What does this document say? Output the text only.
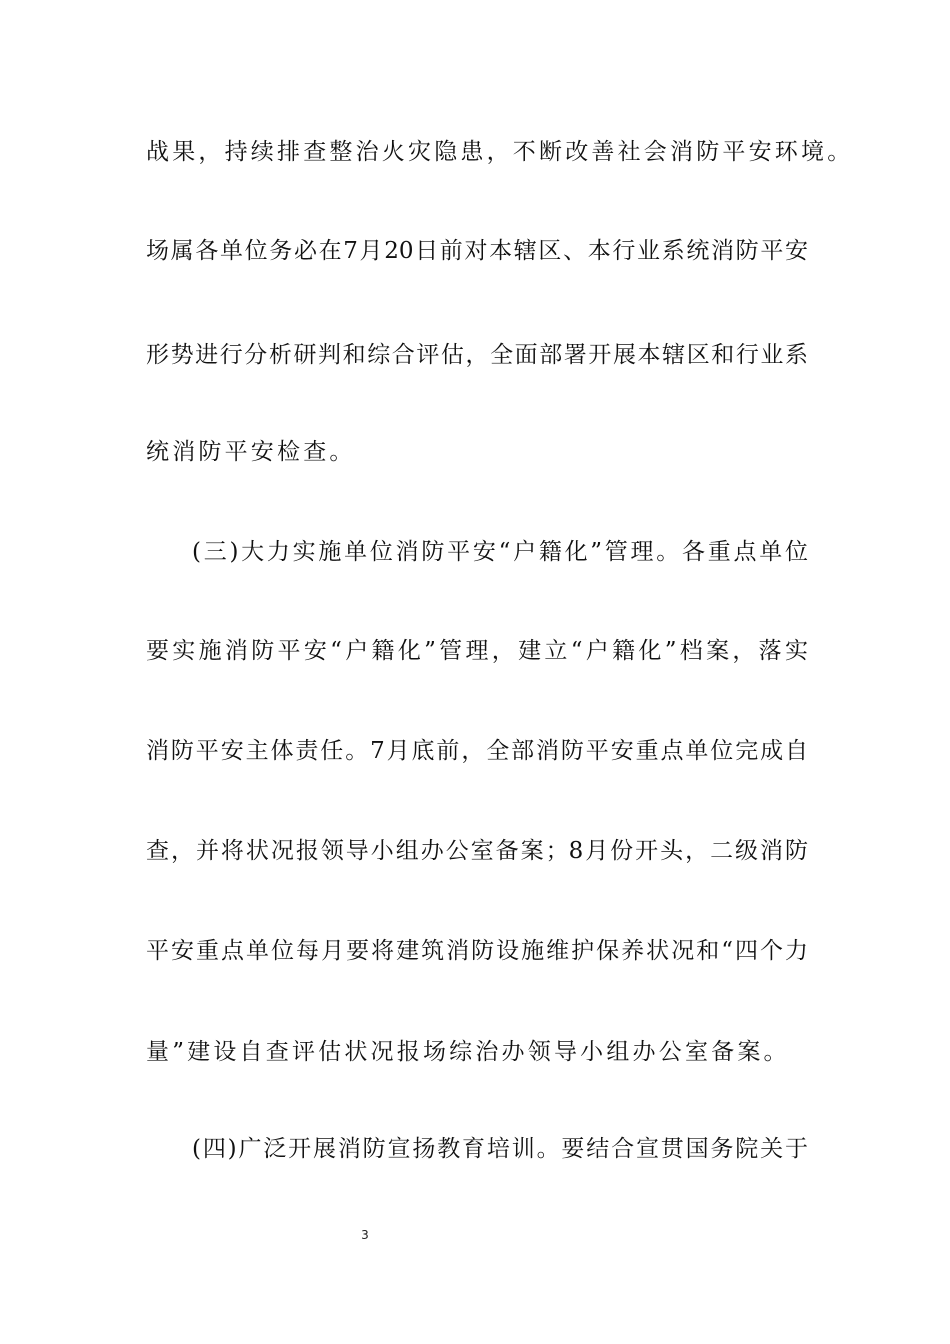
战果，持续排查整治火灾隐患，不断改善社会消防平安环境。
场属各单位务必在7月20日前对本辖区、本行业系统消防平安
形势进行分析研判和综合评估，全面部署开展本辖区和行业系
统消防平安检查。
(三)大力实施单位消防平安“户籍化”管理。各重点单位
要实施消防平安“户籍化”管理，建立“户籍化”档案，落实
消防平安主体责任。7月底前，全部消防平安重点单位完成自
查，并将状况报领导小组办公室备案；8月份开头，二级消防
平安重点单位每月要将建筑消防设施维护保养状况和“四个力
量”建设自查评估状况报场综治办领导小组办公室备案。
(四)广泛开展消防宣扬教育培训。要结合宣贯国务院关于
3
